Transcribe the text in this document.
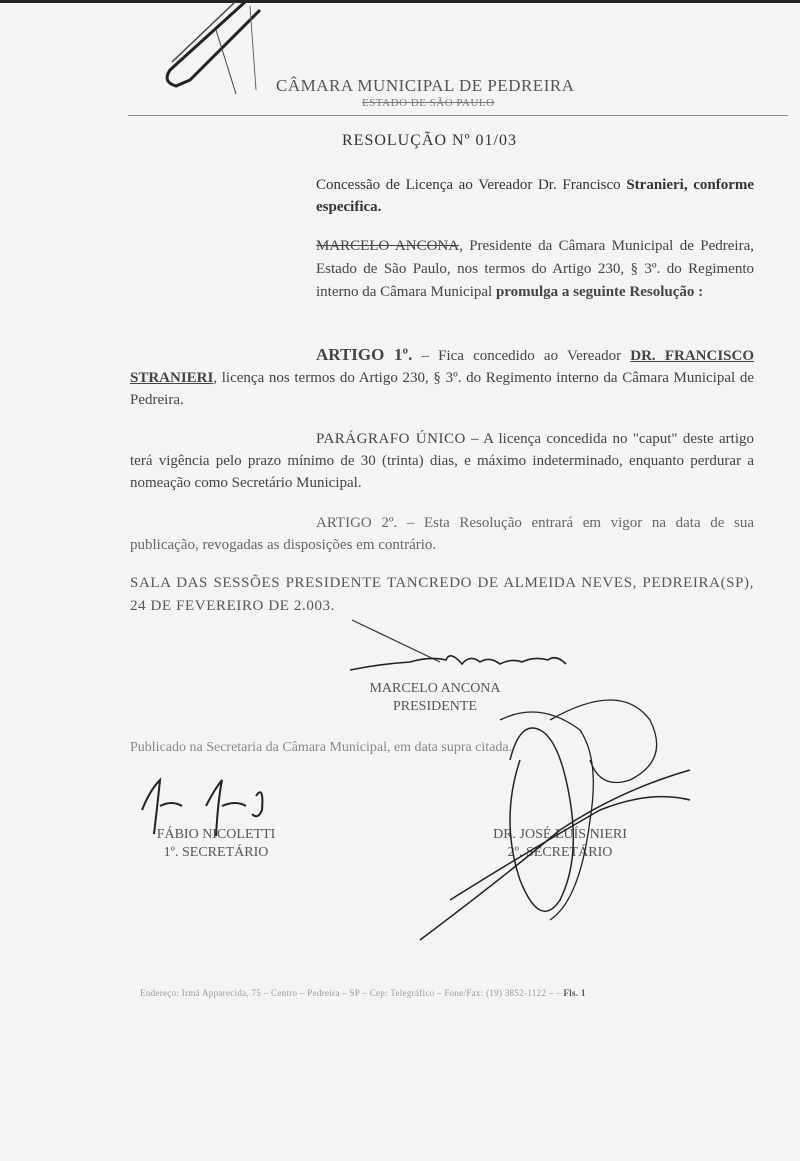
CÂMARA MUNICIPAL DE PEDREIRA
ESTADO DE SÃO PAULO
RESOLUÇÃO Nº 01/03
Concessão de Licença ao Vereador Dr. Francisco Stranieri, conforme especifica.
MARCELO ANCONA, Presidente da Câmara Municipal de Pedreira, Estado de São Paulo, nos termos do Artigo 230, § 3º. do Regimento interno da Câmara Municipal promulga a seguinte Resolução :
ARTIGO 1º. – Fica concedido ao Vereador DR. FRANCISCO STRANIERI, licença nos termos do Artigo 230, § 3º. do Regimento interno da Câmara Municipal de Pedreira.
PARÁGRAFO ÚNICO – A licença concedida no "caput" deste artigo terá vigência pelo prazo mínimo de 30 (trinta) dias, e máximo indeterminado, enquanto perdurar a nomeação como Secretário Municipal.
ARTIGO 2º. – Esta Resolução entrará em vigor na data de sua publicação, revogadas as disposições em contrário.
SALA DAS SESSÕES PRESIDENTE TANCREDO DE ALMEIDA NEVES, PEDREIRA(SP), 24 DE FEVEREIRO DE 2.003.
MARCELO ANCONA
PRESIDENTE
Publicado na Secretaria da Câmara Municipal, em data supra citada.
FÁBIO NICOLETTI
1º. SECRETÁRIO
DR. JOSÉ LUÍS NIERI
2º. SECRETÁRIO
Endereço: Irmã Apparecida, 75 – Centro – Pedreira – SP – Cep: Telegráfico – Fone/Fax: (19) 3852-1122 – – Fls. 1
